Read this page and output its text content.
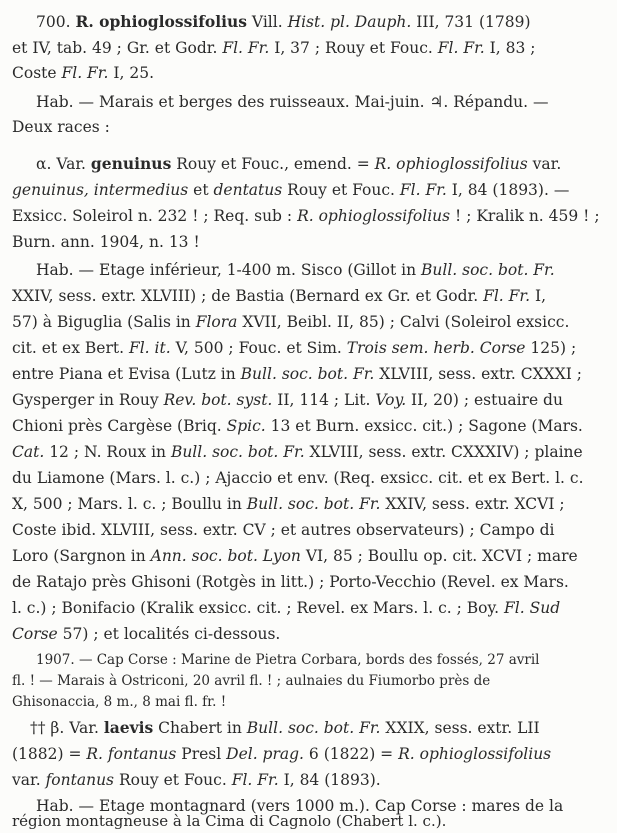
700. R. ophioglossifolius Vill. Hist. pl. Dauph. III, 731 (1789)
et IV, tab. 49 ; Gr. et Godr. Fl. Fr. I, 37 ; Rouy et Fouc. Fl. Fr. I, 83 ;
Coste Fl. Fr. I, 25.
Hab. — Marais et berges des ruisseaux. Mai-juin. ♃. Répandu. —
Deux races :
α. Var. genuinus Rouy et Fouc., emend. = R. ophioglossifolius var.
genuinus, intermedius et dentatus Rouy et Fouc. Fl. Fr. I, 84 (1893). —
Exsicc. Soleirol n. 232 ! ; Req. sub : R. ophioglossifolius ! ; Kralik n. 459 ! ;
Burn. ann. 1904, n. 13 !
Hab. — Etage inférieur, 1-400 m. Sisco (Gillot in Bull. soc. bot. Fr.
XXIV, sess. extr. XLVIII) ; de Bastia (Bernard ex Gr. et Godr. Fl. Fr. I,
57) à Biguglia (Salis in Flora XVII, Beibl. II, 85) ; Calvi (Soleirol exsicc.
cit. et ex Bert. Fl. it. V, 500 ; Fouc. et Sim. Trois sem. herb. Corse 125) ;
entre Piana et Evisa (Lutz in Bull. soc. bot. Fr. XLVIII, sess. extr. CXXXI ;
Gysperger in Rouy Rev. bot. syst. II, 114 ; Lit. Voy. II, 20) ; estuaire du
Chioni près Cargèse (Briq. Spic. 13 et Burn. exsicc. cit.) ; Sagone (Mars.
Cat. 12 ; N. Roux in Bull. soc. bot. Fr. XLVIII, sess. extr. CXXXIV) ; plaine
du Liamone (Mars. l. c.) ; Ajaccio et env. (Req. exsicc. cit. et ex Bert. l. c.
X, 500 ; Mars. l. c. ; Boullu in Bull. soc. bot. Fr. XXIV, sess. extr. XCVI ;
Coste ibid. XLVIII, sess. extr. CV ; et autres observateurs) ; Campo di
Loro (Sargnon in Ann. soc. bot. Lyon VI, 85 ; Boullu op. cit. XCVI ; mare
de Ratajo près Ghisoni (Rotgès in litt.) ; Porto-Vecchio (Revel. ex Mars.
l. c.) ; Bonifacio (Kralik exsicc. cit. ; Revel. ex Mars. l. c. ; Boy. Fl. Sud
Corse 57) ; et localités ci-dessous.
1907. — Cap Corse : Marine de Pietra Corbara, bords des fossés, 27 avril
fl. ! — Marais à Ostriconi, 20 avril fl. ! ; aulnaies du Fiumorbo près de
Ghisonaccia, 8 m., 8 mai fl. fr. !
†† β. Var. laevis Chabert in Bull. soc. bot. Fr. XXIX, sess. extr. LII
(1882) = R. fontanus Presl Del. prag. 6 (1822) = R. ophioglossifolius
var. fontanus Rouy et Fouc. Fl. Fr. I, 84 (1893).
Hab. — Etage montagnard (vers 1000 m.). Cap Corse : mares de la
région montagneuse à la Cima di Cagnolo (Chabert l. c.).
